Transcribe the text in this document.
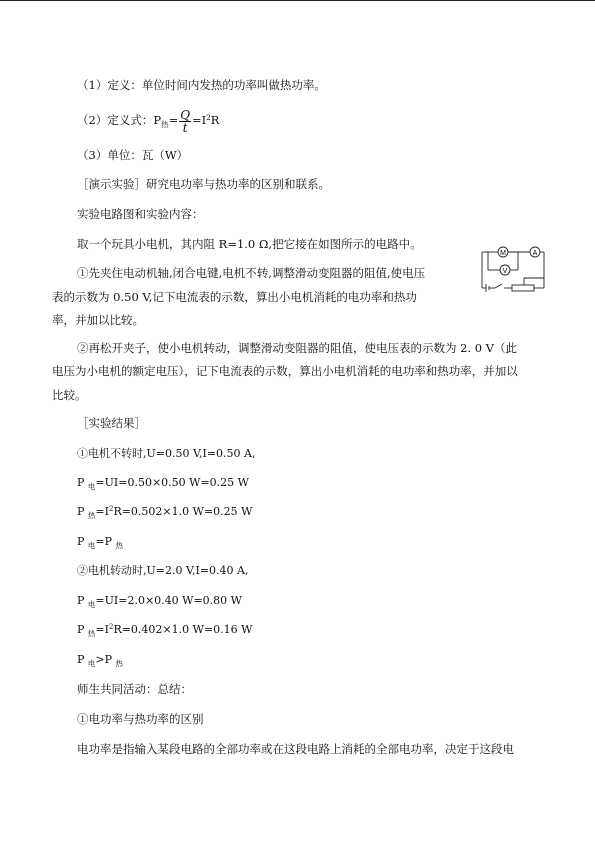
（1）定义：单位时间内发热的功率叫做热功率。
（2）定义式：$P_热= \frac{Q}{t} =I^2R$
（3）单位：瓦（W）
［演示实验］研究电功率与热功率的区别和联系。
实验电路图和实验内容：
取一个玩具小电机，其内阻 R=1.0 Ω,把它接在如图所示的电路中。
①先夹住电动机轴,闭合电键,电机不转,调整滑动变阻器的阻值,使电压
表的示数为 0.50 V,记下电流表的示数，算出小电机消耗的电功率和热功
率，并加以比较。
②再松开夹子，使小电机转动，调整滑动变阻器的阻值，使电压表的示数为 2. 0 V（此
电压为小电机的额定电压），记下电流表的示数，算出小电机消耗的电功率和热功率，并加以
比较。
［实验结果］
①电机不转时,U=0.50 V,I=0.50 A,
P $_电$=UI=0.50×0.50 W=0.25 W
P $_热=I^2R=0.502\times 1.0$ W=0.25 W
P $_电$=P $_热$
②电机转动时,U=2.0 V,I=0.40 A,
P $_电$=UI=2.0×0.40 W=0.80 W
P $_热=I^2R=0.402\times 1.0$ W=0.16 W
P $_电$>P $_热$
师生共同活动：总结：
①电功率与热功率的区别
电功率是指输入某段电路的全部功率或在这段电路上消耗的全部电功率，决定于这段电
M	A
V
